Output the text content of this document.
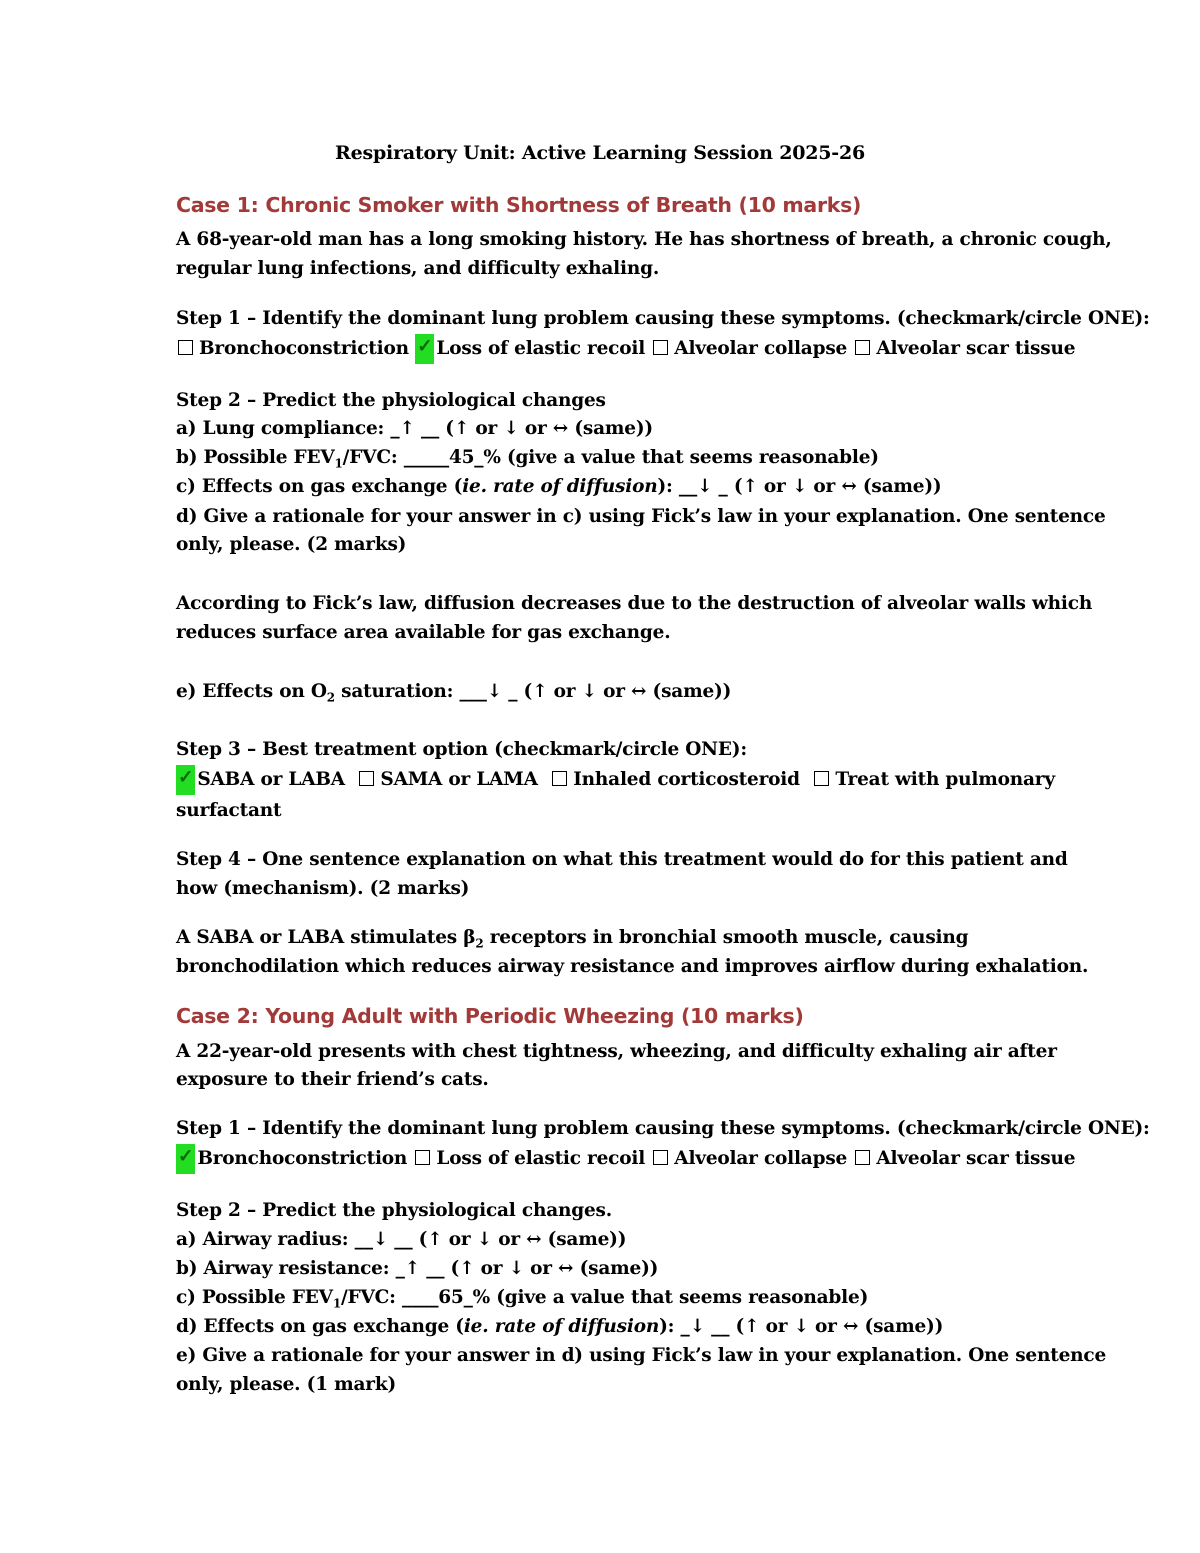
Respiratory Unit: Active Learning Session 2025-26
Case 1: Chronic Smoker with Shortness of Breath (10 marks)
A 68-year-old man has a long smoking history. He has shortness of breath, a chronic cough,
regular lung infections, and difficulty exhaling.
Step 1 – Identify the dominant lung problem causing these symptoms. (checkmark/circle ONE):
Bronchoconstriction ✓ Loss of elastic recoil Alveolar collapse Alveolar scar tissue
Step 2 – Predict the physiological changes
a) Lung compliance: _↑ __ (↑ or ↓ or ↔ (same))
b) Possible $FEV_1$/FVC: _____45_% (give a value that seems reasonable)
c) Effects on gas exchange (ie. rate of diffusion): __↓ _ (↑ or ↓ or ↔ (same))
d) Give a rationale for your answer in c) using Fick’s law in your explanation. One sentence
only, please. (2 marks)
According to Fick’s law, diffusion decreases due to the destruction of alveolar walls which
reduces surface area available for gas exchange.
e) Effects on $O_2$ saturation: ___↓ _ (↑ or ↓ or ↔ (same))
Step 3 – Best treatment option (checkmark/circle ONE):
✓ SABA or LABA SAMA or LAMA Inhaled corticosteroid Treat with pulmonary
surfactant
Step 4 – One sentence explanation on what this treatment would do for this patient and
how (mechanism). (2 marks)
A SABA or LABA stimulates $\beta_2$ receptors in bronchial smooth muscle, causing
bronchodilation which reduces airway resistance and improves airflow during exhalation.
Case 2: Young Adult with Periodic Wheezing (10 marks)
A 22-year-old presents with chest tightness, wheezing, and difficulty exhaling air after
exposure to their friend’s cats.
Step 1 – Identify the dominant lung problem causing these symptoms. (checkmark/circle ONE):
✓ Bronchoconstriction Loss of elastic recoil Alveolar collapse Alveolar scar tissue
Step 2 – Predict the physiological changes.
a) Airway radius: __↓ __ (↑ or ↓ or ↔ (same))
b) Airway resistance: _↑ __ (↑ or ↓ or ↔ (same))
c) Possible $FEV_1$/FVC: ____65_% (give a value that seems reasonable)
d) Effects on gas exchange (ie. rate of diffusion): _↓ __ (↑ or ↓ or ↔ (same))
e) Give a rationale for your answer in d) using Fick’s law in your explanation. One sentence
only, please. (1 mark)
